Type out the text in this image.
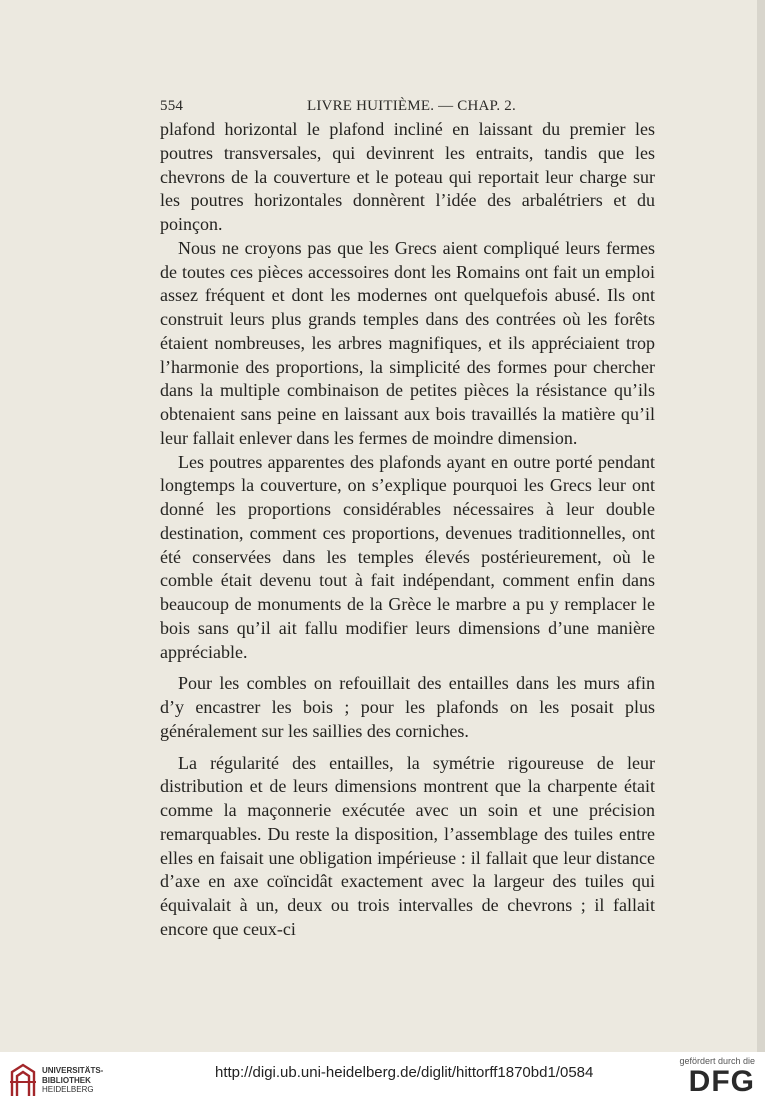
554	LIVRE HUITIÈME. — CHAP. 2.

plafond horizontal le plafond incliné en laissant du premier les poutres transversales, qui devinrent les entraits, tandis que les chevrons de la couverture et le poteau qui reportait leur charge sur les poutres horizontales donnèrent l’idée des arbalétriers et du poinçon.

Nous ne croyons pas que les Grecs aient compliqué leurs fermes de toutes ces pièces accessoires dont les Romains ont fait un emploi assez fréquent et dont les modernes ont quelquefois abusé. Ils ont construit leurs plus grands temples dans des contrées où les forêts étaient nombreuses, les arbres magnifiques, et ils appréciaient trop l’harmonie des proportions, la simplicité des formes pour chercher dans la multiple combinaison de petites pièces la résistance qu’ils obtenaient sans peine en laissant aux bois travaillés la matière qu’il leur fallait enlever dans les fermes de moindre dimension.

Les poutres apparentes des plafonds ayant en outre porté pendant longtemps la couverture, on s’explique pourquoi les Grecs leur ont donné les proportions considérables nécessaires à leur double destination, comment ces proportions, devenues traditionnelles, ont été conservées dans les temples élevés postérieurement, où le comble était devenu tout à fait indépendant, comment enfin dans beaucoup de monuments de la Grèce le marbre a pu y remplacer le bois sans qu’il ait fallu modifier leurs dimensions d’une manière appréciable.

Pour les combles on refouillait des entailles dans les murs afin d’y encastrer les bois ; pour les plafonds on les posait plus généralement sur les saillies des corniches.

La régularité des entailles, la symétrie rigoureuse de leur distribution et de leurs dimensions montrent que la charpente était comme la maçonnerie exécutée avec un soin et une précision remarquables. Du reste la disposition, l’assemblage des tuiles entre elles en faisait une obligation impérieuse : il fallait que leur distance d’axe en axe coïncidât exactement avec la largeur des tuiles qui équivalait à un, deux ou trois intervalles de chevrons ; il fallait encore que ceux-ci

UNIVERSITÄTS-
BIBLIOTHEK
HEIDELBERG
http://digi.ub.uni-heidelberg.de/diglit/hittorff1870bd1/0584
gefördert durch die
DFG
